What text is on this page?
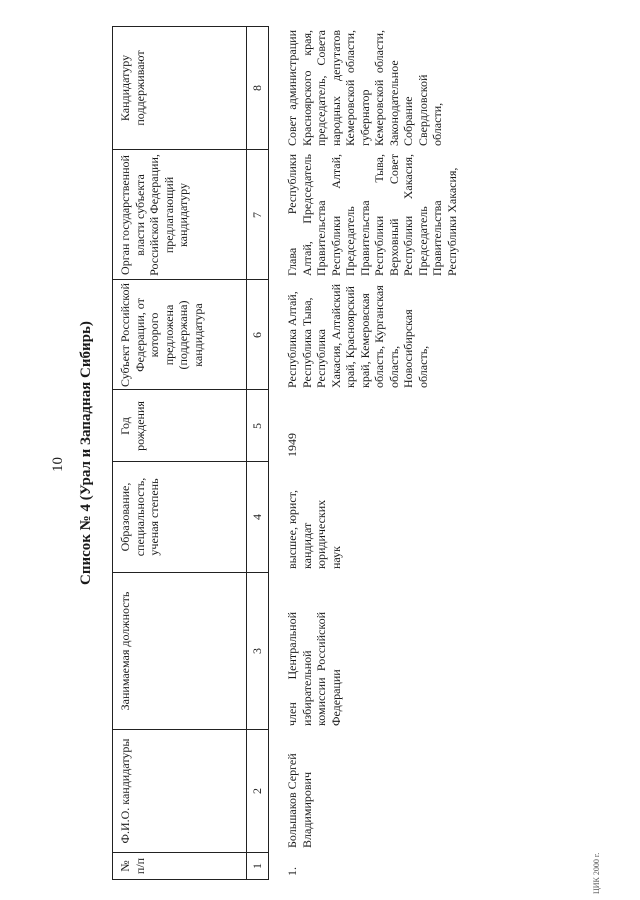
10 Список № 4 (Урал и Западная Сибирь)
№ п/п
Ф.И.О. кандидатуры
Занимаемая должность
Образование, специальность, ученая степень
Год рождения
Субъект Российской Федерации, от которого предложена (поддержана) кандидатура
Орган государственной власти субъекта Российской Федерации, предлагающий кандидатуру
Кандидатуру поддерживают
1
2
3
4
5
6
7
8
1.
Большаков Сергей Владимирович
член Центральной избирательной комиссии Российской Федерации
высшее, юрист, кандидат юридических наук
1949
Республика Алтай, Республика Тыва, Республика Хакасия, Алтайский край, Красноярский край, Кемеровская область, Курганская область, Новосибирская область,
Глава Республики Алтай, Председатель Правительства Республики Алтай, Председатель Правительства Республики Тыва, Верховный Совет Республики Хакасия, Председатель Правительства Республики Хакасия,
Совет администрации Красноярского края, председатель, Совета народных депутатов Кемеровской области, губернатор Кемеровской области, Законодательное Собрание Свердловской области,
ЦИК 2000 г.
